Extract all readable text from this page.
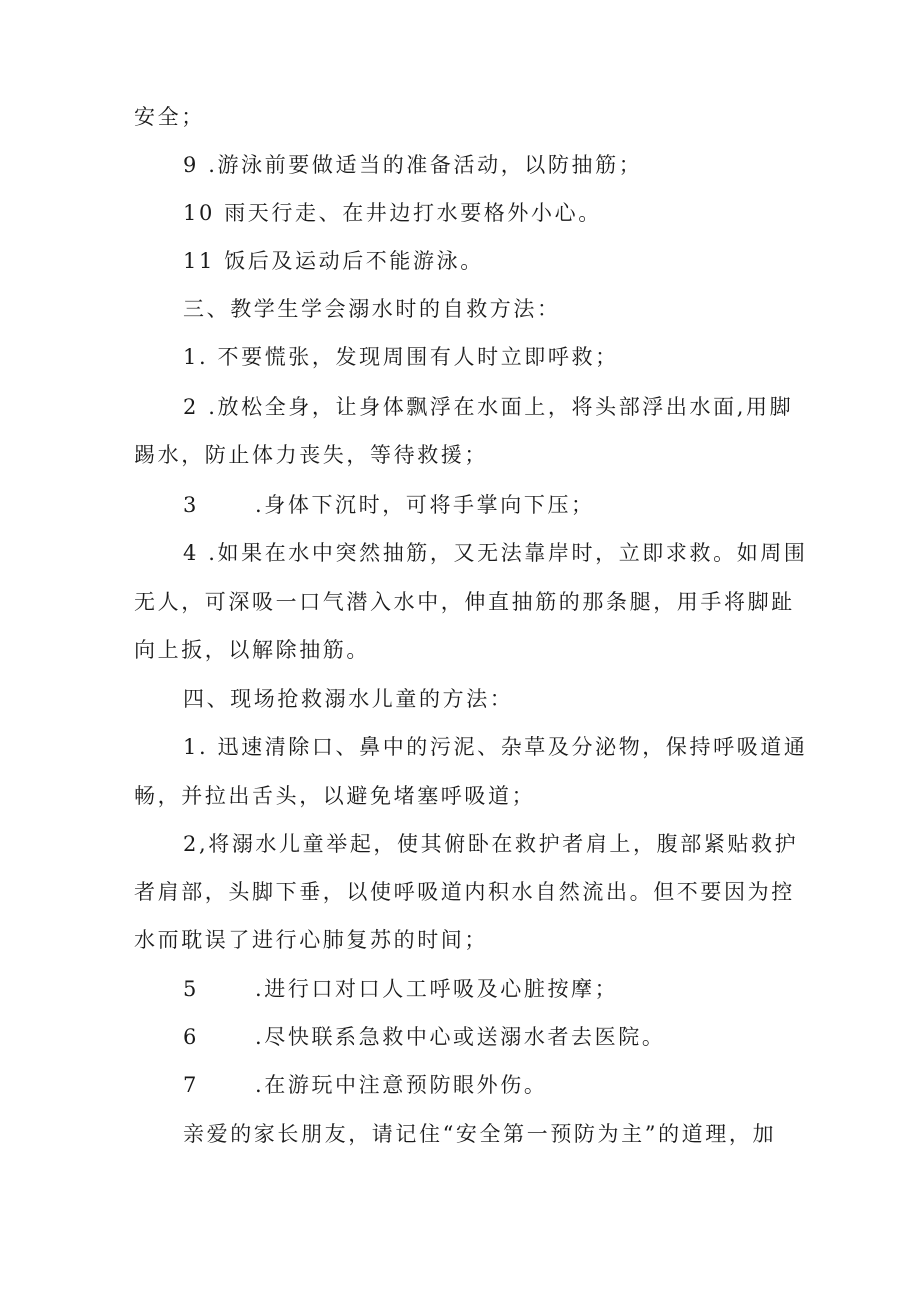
安全；
9 .游泳前要做适当的准备活动，以防抽筋；
10 雨天行走、在井边打水要格外小心。
11 饭后及运动后不能游泳。
三、教学生学会溺水时的自救方法：
1. 不要慌张，发现周围有人时立即呼救；
2 .放松全身，让身体飘浮在水面上，将头部浮出水面,用脚
踢水，防止体力丧失，等待救援；
3	.身体下沉时，可将手掌向下压；
4 .如果在水中突然抽筋，又无法靠岸时，立即求救。如周围
无人，可深吸一口气潜入水中，伸直抽筋的那条腿，用手将脚趾
向上扳，以解除抽筋。
四、现场抢救溺水儿童的方法：
1. 迅速清除口、鼻中的污泥、杂草及分泌物，保持呼吸道通
畅，并拉出舌头，以避免堵塞呼吸道；
2,将溺水儿童举起，使其俯卧在救护者肩上，腹部紧贴救护
者肩部，头脚下垂，以使呼吸道内积水自然流出。但不要因为控
水而耽误了进行心肺复苏的时间；
5	.进行口对口人工呼吸及心脏按摩；
6	.尽快联系急救中心或送溺水者去医院。
7	.在游玩中注意预防眼外伤。
亲爱的家长朋友，请记住“安全第一预防为主”的道理，加
